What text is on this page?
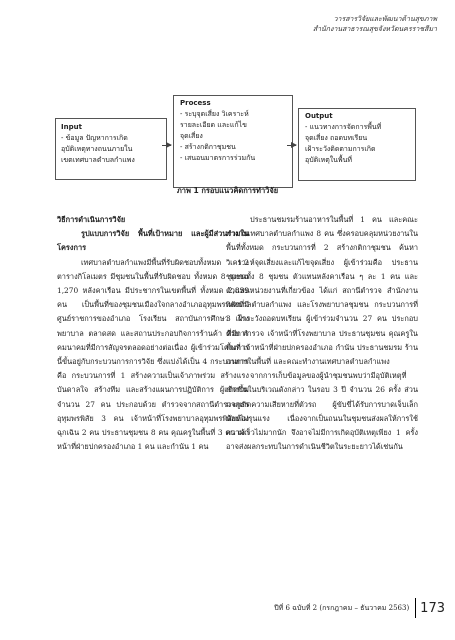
วารสารวิจัยและพัฒนาด้านสุขภาพ
สำนักงานสาธารณสุขจังหวัดนครราชสีมา
Input
- ข้อมูล ปัญหาการเกิด
อุบัติเหตุทางถนนภายใน
เขตเทศบาลตำบลกำแพง
Process
- ระบุจุดเสี่ยง วิเคราะห์
รายละเอียด และแก้ไข
จุดเสี่ยง
- สร้างกติกาชุมชน
- เสนอนมาตรการร่วมกัน
Output
- แนวทางการจัดการพื้นที่
จุดเสี่ยง ถอดบทเรียน
เฝ้าระวังติดตามการเกิด
อุบัติเหตุในพื้นที่
ภาพ 1 กรอบแนวคิดการทำวิจัย

วิธีการดำเนินการวิจัย

รูปแบบการวิจัย พื้นที่เป้าหมาย และผู้มีส่วนร่วมในโครงการ

เทศบาลตำบลกำแพงมีพื้นที่รับผิดชอบทั้งหมด 1.2 ตารางกิโลเมตร มีชุมชนในพื้นที่รับผิดชอบ ทั้งหมด 8 ชุมชน 1,270 หลังคาเรือน มีประชากรในเขตพื้นที่ ทั้งหมด 2,839 คน เป็นพื้นที่ของชุมชนเมืองใจกลางอำเภออุทุมพรพิสัยที่มีศูนย์ราชการของอำเภอ โรงเรียน สถาบันการศึกษา โรงพยาบาล ตลาดสด และสถานประกอบกิจการร้านค้า ที่มีการคมนาคมที่มีการสัญจรตลอดอย่างต่อเนื่อง ผู้เข้าร่วมโครงการนี้ขั้นอยู่กับกระบวนการการวิจัย ซึ่งแบ่งได้เป็น 4 กระบวนการคือ กระบวนการที่ 1 สร้างความเป็นเจ้าภาพร่วม สร้างแรงบันดาลใจ สร้างทีม และสร้างแผนการปฏิบัติการ ผู้เข้าร่วมจำนวน 27 คน ประกอบด้วย ตำรวจจากสถานีตำรวจภูธรอุทุมพรพิสัย 3 คน เจ้าหน้าที่โรงพยาบาลอุทุมพรพิสัยห้องฉุกเฉิน 2 คน ประธานชุมชน 8 คน คุณครูในพื้นที่ 3 คน เจ้าหน้าที่ฝ่ายปกครองอำเภอ 1 คน และกำนัน 1 คน

ประธานชมรมร้านอาหารในพื้นที่ 1 คน และคณะทำงานเทศบาลตำบลกำแพง 8 คน ซึ่งครอบคลุมหน่วยงานในพื้นที่ทั้งหมด กระบวนการที่ 2 สร้างกติกาชุมชน ค้นหา วิเคราะห์จุดเสี่ยงและแก้ไขจุดเสี่ยง ผู้เข้าร่วมคือ ประธานชุมชนทั้ง 8 ชุมชน ตัวแทนหลังคาเรือน ๆ ละ 1 คน และตัวแทนหน่วยงานที่เกี่ยวข้อง ได้แก่ สถานีตำรวจ สำนักงานเทศบาลตำบลกำแพง และโรงพยาบาลชุมชน กระบวนการที่ 3 เฝ้าระวังถอดบทเรียน ผู้เข้าร่วมจำนวน 27 คน ประกอบด้วย ตำรวจ เจ้าหน้าที่โรงพยาบาล ประธานชุมชน คุณครูในพื้นที่ เจ้าหน้าที่ฝ่ายปกครองอำเภอ กำนัน ประธานชมรม ร้านอาหารในพื้นที่ และคณะทำงานเทศบาลตำบลกำแพง

จากการเก็บข้อมูลของผู้นำชุมชนพบว่ามีอุบัติเหตุที่เกิดขึ้นในบริเวณดังกล่าว ในรอบ 3 ปี จำนวน 26 ครั้ง ส่วนมากเกิดความเสียหายที่ตัวรถ ผู้ขับขี่ได้รับการบาดเจ็บเล็กน้อยไม่รุนแรง เนื่องจากเป็นถนนในชุมชนส่งผลให้การใช้ความเร็วไม่มากนัก จึงอาจไม่มีการเกิดอุบัติเหตุเพียง 1 ครั้ง อาจส่งผลกระทบในการดำเนินชีวิตในระยะยาวได้เช่นกัน

ปีที่ 6 ฉบับที่ 2 (กรกฎาคม – ธันวาคม 2563) 173
